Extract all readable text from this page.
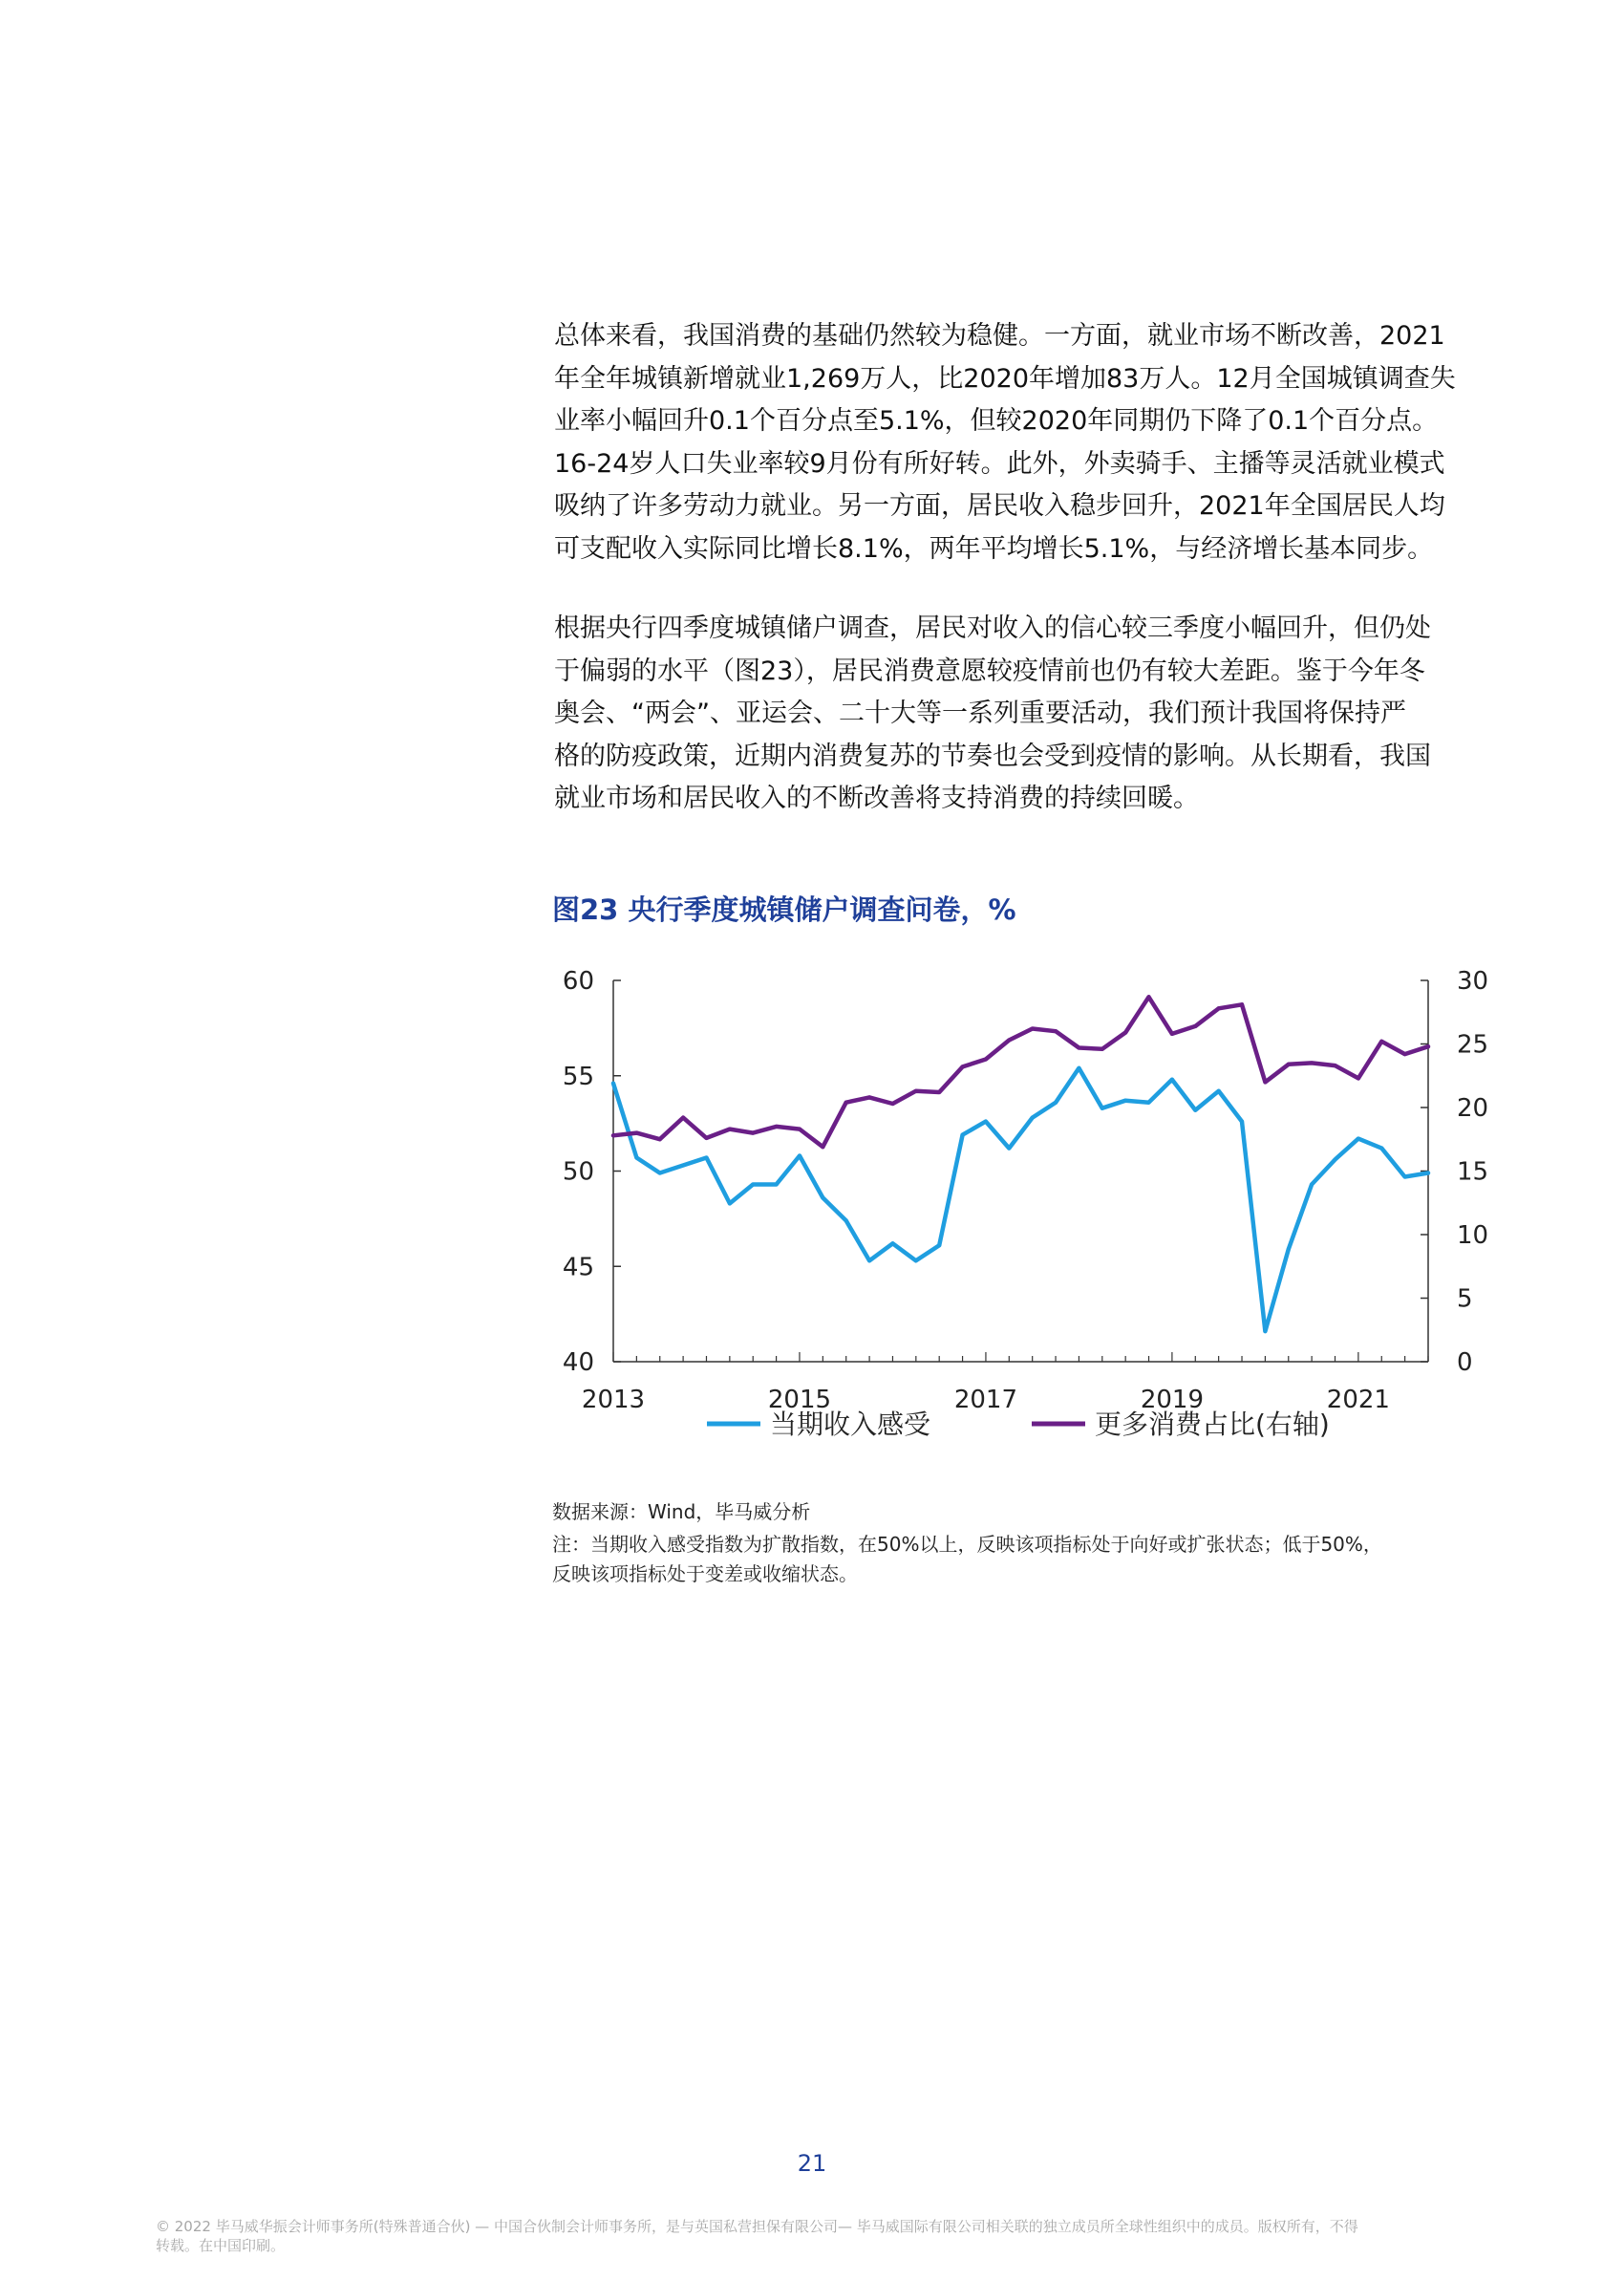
总体来看，我国消费的基础仍然较为稳健。一方面，就业市场不断改善，2021
年全年城镇新增就业1,269万人，比2020年增加83万人。12月全国城镇调查失
业率小幅回升0.1个百分点至5.1%，但较2020年同期仍下降了0.1个百分点。
16-24岁人口失业率较9月份有所好转。此外，外卖骑手、主播等灵活就业模式
吸纳了许多劳动力就业。另一方面，居民收入稳步回升，2021年全国居民人均
可支配收入实际同比增长8.1%，两年平均增长5.1%，与经济增长基本同步。

根据央行四季度城镇储户调查，居民对收入的信心较三季度小幅回升，但仍处
于偏弱的水平（图23），居民消费意愿较疫情前也仍有较大差距。鉴于今年冬
奥会、“两会”、亚运会、二十大等一系列重要活动，我们预计我国将保持严
格的防疫政策，近期内消费复苏的节奏也会受到疫情的影响。从长期看，我国
就业市场和居民收入的不断改善将支持消费的持续回暖。

图23 央行季度城镇储户调查问卷，%

40
45
50
55
60
0
5
10
15
20
25
30
2013	2015	2017	2019	2021
当期收入感受	更多消费占比(右轴)

数据来源：Wind，毕马威分析

注：当期收入感受指数为扩散指数，在50%以上，反映该项指标处于向好或扩张状态；低于50%，

反映该项指标处于变差或收缩状态。

21
© 2022 毕马威华振会计师事务所(特殊普通合伙) — 中国合伙制会计师事务所，是与英国私营担保有限公司— 毕马威国际有限公司相关联的独立成员所全球性组织中的成员。版权所有，不得
转载。在中国印刷。
